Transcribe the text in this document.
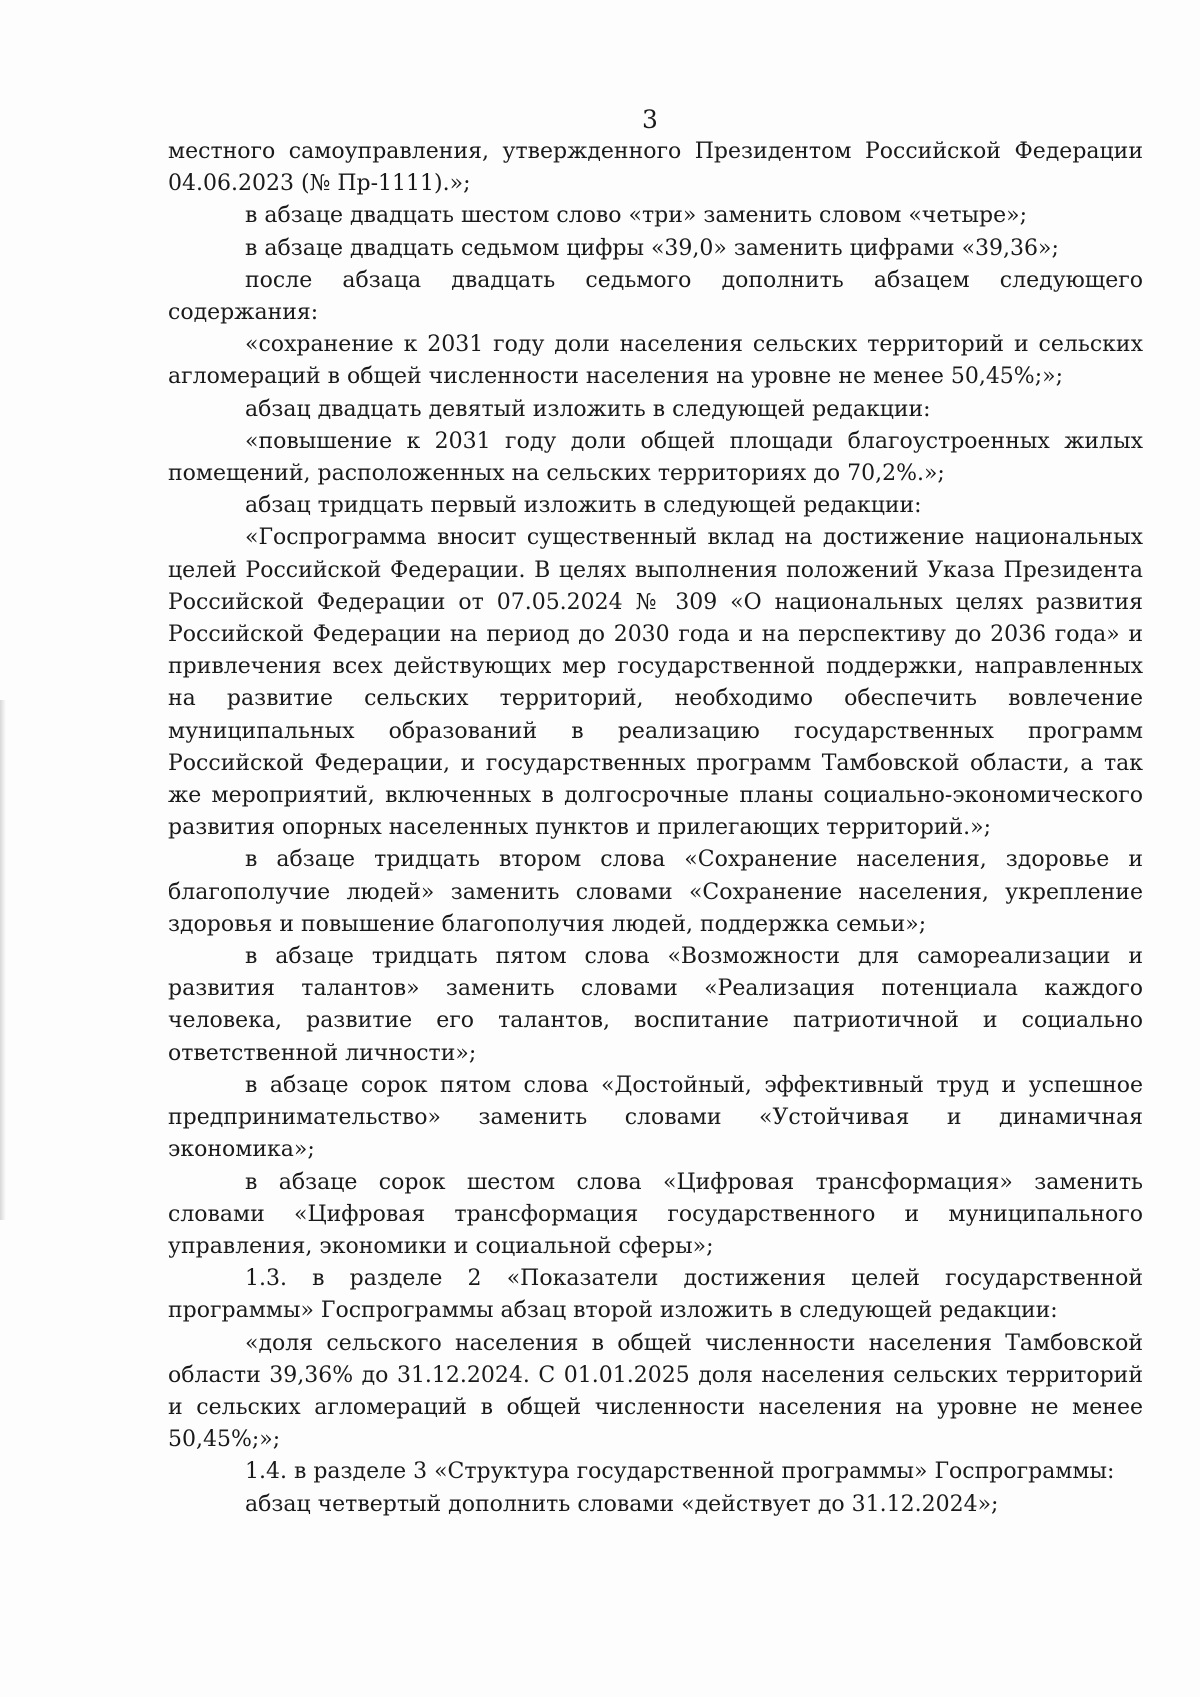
3

местного самоуправления, утвержденного Президентом Российской Федерации 04.06.2023 (№ Пр-1111).»;

в абзаце двадцать шестом слово «три» заменить словом «четыре»;

в абзаце двадцать седьмом цифры «39,0» заменить цифрами «39,36»;

после абзаца двадцать седьмого дополнить абзацем следующего содержания:

«сохранение к 2031 году доли населения сельских территорий и сельских агломераций в общей численности населения на уровне не менее 50,45%;»;

абзац двадцать девятый изложить в следующей редакции:

«повышение к 2031 году доли общей площади благоустроенных жилых помещений, расположенных на сельских территориях до 70,2%.»;

абзац тридцать первый изложить в следующей редакции:

«Госпрограмма вносит существенный вклад на достижение национальных целей Российской Федерации. В целях выполнения положений Указа Президента Российской Федерации от 07.05.2024 № 309 «О национальных целях развития Российской Федерации на период до 2030 года и на перспективу до 2036 года» и привлечения всех действующих мер государственной поддержки, направленных на развитие сельских территорий, необходимо обеспечить вовлечение муниципальных образований в реализацию государственных программ Российской Федерации, и государственных программ Тамбовской области, а так же мероприятий, включенных в долгосрочные планы социально-экономического развития опорных населенных пунктов и прилегающих территорий.»;

в абзаце тридцать втором слова «Сохранение населения, здоровье и благополучие людей» заменить словами «Сохранение населения, укрепление здоровья и повышение благополучия людей, поддержка семьи»;

в абзаце тридцать пятом слова «Возможности для самореализации и развития талантов» заменить словами «Реализация потенциала каждого человека, развитие его талантов, воспитание патриотичной и социально ответственной личности»;

в абзаце сорок пятом слова «Достойный, эффективный труд и успешное предпринимательство» заменить словами «Устойчивая и динамичная экономика»;

в абзаце сорок шестом слова «Цифровая трансформация» заменить словами «Цифровая трансформация государственного и муниципального управления, экономики и социальной сферы»;

1.3. в разделе 2 «Показатели достижения целей государственной программы» Госпрограммы абзац второй изложить в следующей редакции:

«доля сельского населения в общей численности населения Тамбовской области 39,36% до 31.12.2024. С 01.01.2025 доля населения сельских территорий и сельских агломераций в общей численности населения на уровне не менее 50,45%;»;

1.4. в разделе 3 «Структура государственной программы» Госпрограммы:

абзац четвертый дополнить словами «действует до 31.12.2024»;
